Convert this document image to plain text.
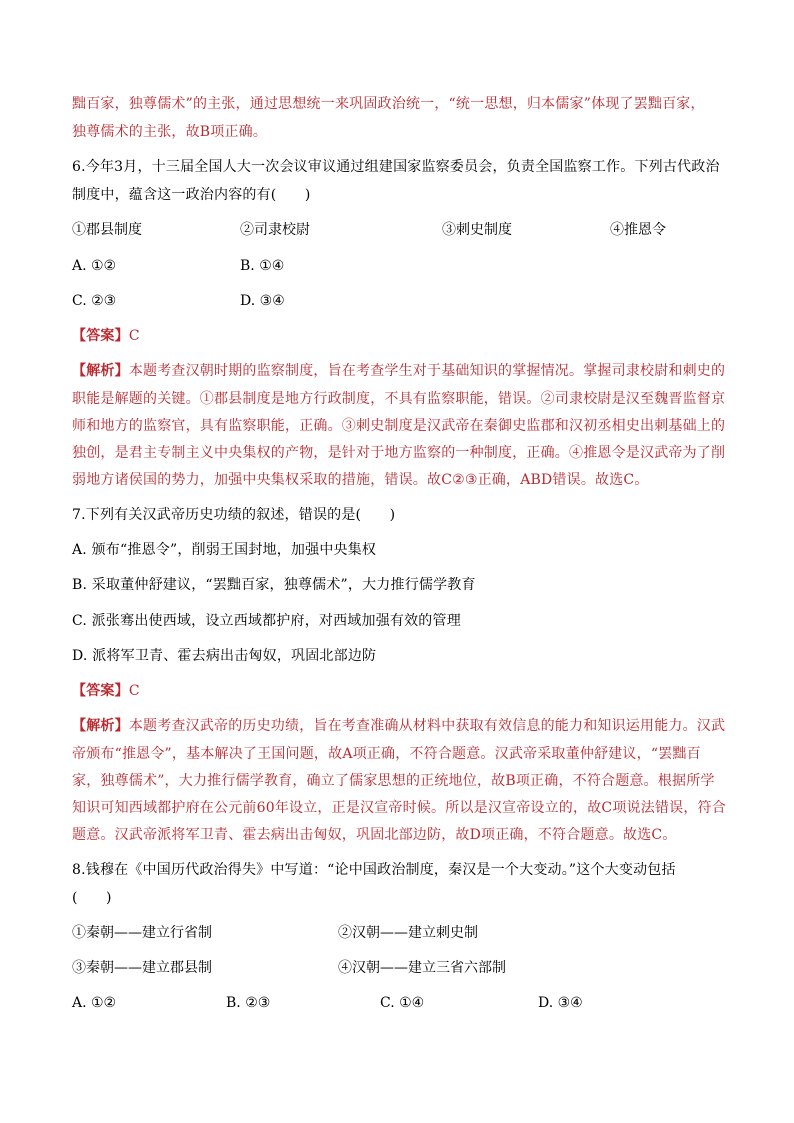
黜百家，独尊儒术”的主张，通过思想统一来巩固政治统一，“统一思想，归本儒家”体现了罢黜百家，
独尊儒术的主张，故B项正确。
6.今年3月，十三届全国人大一次会议审议通过组建国家监察委员会，负责全国监察工作。下列古代政治
制度中，蕴含这一政治内容的有(　　)
①郡县制度	②司隶校尉	③刺史制度	④推恩令
A. ①②	B. ①④
C. ②③	D. ③④
【答案】C
【解析】本题考查汉朝时期的监察制度，旨在考查学生对于基础知识的掌握情况。掌握司隶校尉和刺史的
职能是解题的关键。①郡县制度是地方行政制度，不具有监察职能，错误。②司隶校尉是汉至魏晋监督京
师和地方的监察官，具有监察职能，正确。③刺史制度是汉武帝在秦御史监郡和汉初丞相史出刺基础上的
独创，是君主专制主义中央集权的产物，是针对于地方监察的一种制度，正确。④推恩令是汉武帝为了削
弱地方诸侯国的势力，加强中央集权采取的措施，错误。故C②③正确，ABD错误。故选C。
7.下列有关汉武帝历史功绩的叙述，错误的是(　　)
A. 颁布“推恩令”，削弱王国封地，加强中央集权
B. 采取董仲舒建议，“罢黜百家，独尊儒术”，大力推行儒学教育
C. 派张骞出使西域，设立西域都护府，对西域加强有效的管理
D. 派将军卫青、霍去病出击匈奴，巩固北部边防
【答案】C
【解析】本题考查汉武帝的历史功绩，旨在考查准确从材料中获取有效信息的能力和知识运用能力。汉武
帝颁布“推恩令”，基本解决了王国问题，故A项正确，不符合题意。汉武帝采取董仲舒建议，“罢黜百
家，独尊儒术”，大力推行儒学教育，确立了儒家思想的正统地位，故B项正确，不符合题意。根据所学
知识可知西域都护府在公元前60年设立，正是汉宣帝时候。所以是汉宣帝设立的，故C项说法错误，符合
题意。汉武帝派将军卫青、霍去病出击匈奴，巩固北部边防，故D项正确，不符合题意。故选C。
8.钱穆在《中国历代政治得失》中写道：“论中国政治制度，秦汉是一个大变动。”这个大变动包括
(　　)
①秦朝——建立行省制	②汉朝——建立刺史制
③秦朝——建立郡县制	④汉朝——建立三省六部制
A. ①②	B. ②③	C. ①④	D. ③④
